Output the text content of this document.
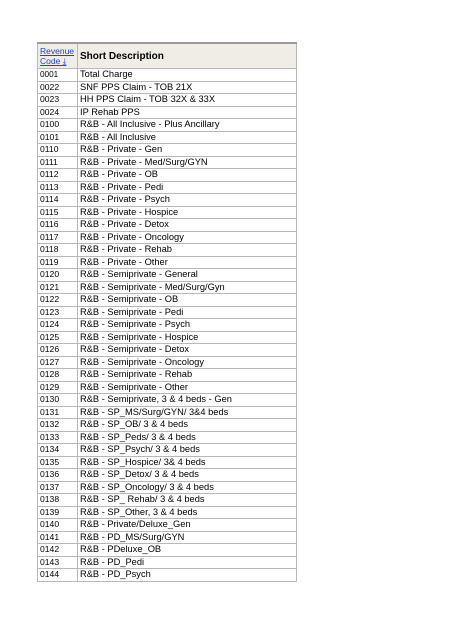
Revenue Code ⤓	Short Description
0001	Total Charge
0022	SNF PPS Claim - TOB 21X
0023	HH PPS Claim - TOB 32X & 33X
0024	IP Rehab PPS
0100	R&B - All Inclusive - Plus Ancillary
0101	R&B - All Inclusive
0110	R&B - Private - Gen
0111	R&B - Private - Med/Surg/GYN
0112	R&B - Private - OB
0113	R&B - Private - Pedi
0114	R&B - Private - Psych
0115	R&B - Private - Hospice
0116	R&B - Private - Detox
0117	R&B - Private - Oncology
0118	R&B - Private - Rehab
0119	R&B - Private - Other
0120	R&B - Semiprivate - General
0121	R&B - Semiprivate - Med/Surg/Gyn
0122	R&B - Semiprivate - OB
0123	R&B - Semiprivate - Pedi
0124	R&B - Semiprivate - Psych
0125	R&B - Semiprivate - Hospice
0126	R&B - Semiprivate - Detox
0127	R&B - Semiprivate - Oncology
0128	R&B - Semiprivate - Rehab
0129	R&B - Semiprivate - Other
0130	R&B - Semiprivate, 3 & 4 beds - Gen
0131	R&B - SP_MS/Surg/GYN/ 3&4 beds
0132	R&B - SP_OB/ 3 & 4 beds
0133	R&B - SP_Peds/ 3 & 4 beds
0134	R&B - SP_Psych/ 3 & 4 beds
0135	R&B - SP_Hospice/ 3& 4 beds
0136	R&B - SP_Detox/ 3 & 4 beds
0137	R&B - SP_Oncology/ 3 & 4 beds
0138	R&B - SP_ Rehab/ 3 & 4 beds
0139	R&B - SP_Other, 3 & 4 beds
0140	R&B - Private/Deluxe_Gen
0141	R&B - PD_MS/Surg/GYN
0142	R&B - PDeluxe_OB
0143	R&B - PD_Pedi
0144	R&B - PD_Psych
